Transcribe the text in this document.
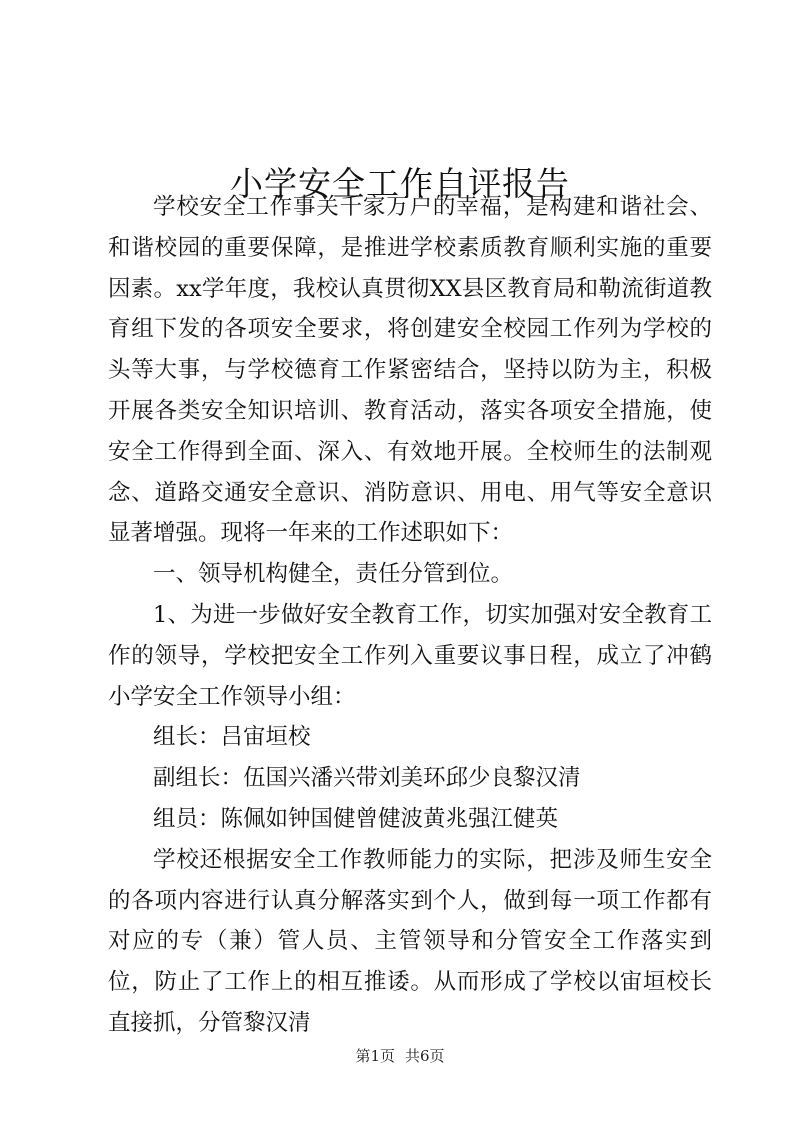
小学安全工作自评报告

学校安全工作事关千家万户的幸福，是构建和谐社会、和谐校园的重要保障，是推进学校素质教育顺利实施的重要因素。xx学年度，我校认真贯彻XX县区教育局和勒流街道教育组下发的各项安全要求，将创建安全校园工作列为学校的头等大事，与学校德育工作紧密结合，坚持以防为主，积极开展各类安全知识培训、教育活动，落实各项安全措施，使安全工作得到全面、深入、有效地开展。全校师生的法制观念、道路交通安全意识、消防意识、用电、用气等安全意识显著增强。现将一年来的工作述职如下：

一、领导机构健全，责任分管到位。

1、为进一步做好安全教育工作，切实加强对安全教育工作的领导，学校把安全工作列入重要议事日程，成立了冲鹤小学安全工作领导小组：

组长：吕宙垣校

副组长：伍国兴潘兴带刘美环邱少良黎汉清

组员：陈佩如钟国健曾健波黄兆强江健英

学校还根据安全工作教师能力的实际，把涉及师生安全的各项内容进行认真分解落实到个人，做到每一项工作都有对应的专（兼）管人员、主管领导和分管安全工作落实到位，防止了工作上的相互推诿。从而形成了学校以宙垣校长直接抓，分管黎汉清

第1页 共6页
